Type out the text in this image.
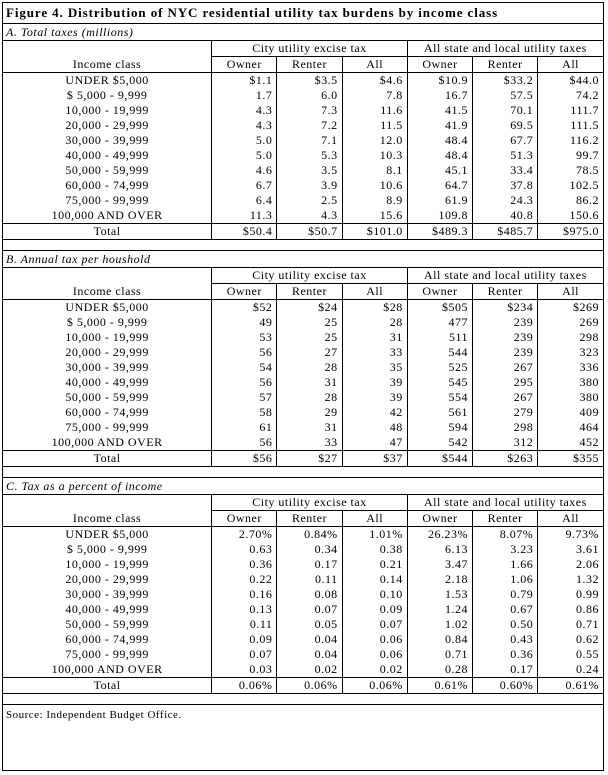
Figure 4. Distribution of NYC residential utility tax burdens by income class
A. Total taxes (millions)
	City utility excise tax			All state and local utility taxes		
Income class	Owner	Renter	All	Owner	Renter	All
UNDER $5,000	$1.1	$3.5	$4.6	$10.9	$33.2	$44.0
$ 5,000 - 9,999	1.7	6.0	7.8	16.7	57.5	74.2
10,000 - 19,999	4.3	7.3	11.6	41.5	70.1	111.7
20,000 - 29,999	4.3	7.2	11.5	41.9	69.5	111.5
30,000 - 39,999	5.0	7.1	12.0	48.4	67.7	116.2
40,000 - 49,999	5.0	5.3	10.3	48.4	51.3	99.7
50,000 - 59,999	4.6	3.5	8.1	45.1	33.4	78.5
60,000 - 74,999	6.7	3.9	10.6	64.7	37.8	102.5
75,000 - 99,999	6.4	2.5	8.9	61.9	24.3	86.2
100,000 AND OVER	11.3	4.3	15.6	109.8	40.8	150.6
Total	$50.4	$50.7	$101.0	$489.3	$485.7	$975.0
B. Annual tax per houshold
	City utility excise tax			All state and local utility taxes		
Income class	Owner	Renter	All	Owner	Renter	All
UNDER $5,000	$52	$24	$28	$505	$234	$269
$ 5,000 - 9,999	49	25	28	477	239	269
10,000 - 19,999	53	25	31	511	239	298
20,000 - 29,999	56	27	33	544	239	323
30,000 - 39,999	54	28	35	525	267	336
40,000 - 49,999	56	31	39	545	295	380
50,000 - 59,999	57	28	39	554	267	380
60,000 - 74,999	58	29	42	561	279	409
75,000 - 99,999	61	31	48	594	298	464
100,000 AND OVER	56	33	47	542	312	452
Total	$56	$27	$37	$544	$263	$355
C. Tax as a percent of income
	City utility excise tax			All state and local utility taxes		
Income class	Owner	Renter	All	Owner	Renter	All
UNDER $5,000	2.70%	0.84%	1.01%	26.23%	8.07%	9.73%
$ 5,000 - 9,999	0.63	0.34	0.38	6.13	3.23	3.61
10,000 - 19,999	0.36	0.17	0.21	3.47	1.66	2.06
20,000 - 29,999	0.22	0.11	0.14	2.18	1.06	1.32
30,000 - 39,999	0.16	0.08	0.10	1.53	0.79	0.99
40,000 - 49,999	0.13	0.07	0.09	1.24	0.67	0.86
50,000 - 59,999	0.11	0.05	0.07	1.02	0.50	0.71
60,000 - 74,999	0.09	0.04	0.06	0.84	0.43	0.62
75,000 - 99,999	0.07	0.04	0.06	0.71	0.36	0.55
100,000 AND OVER	0.03	0.02	0.02	0.28	0.17	0.24
Total	0.06%	0.06%	0.06%	0.61%	0.60%	0.61%
Source: Independent Budget Office.
